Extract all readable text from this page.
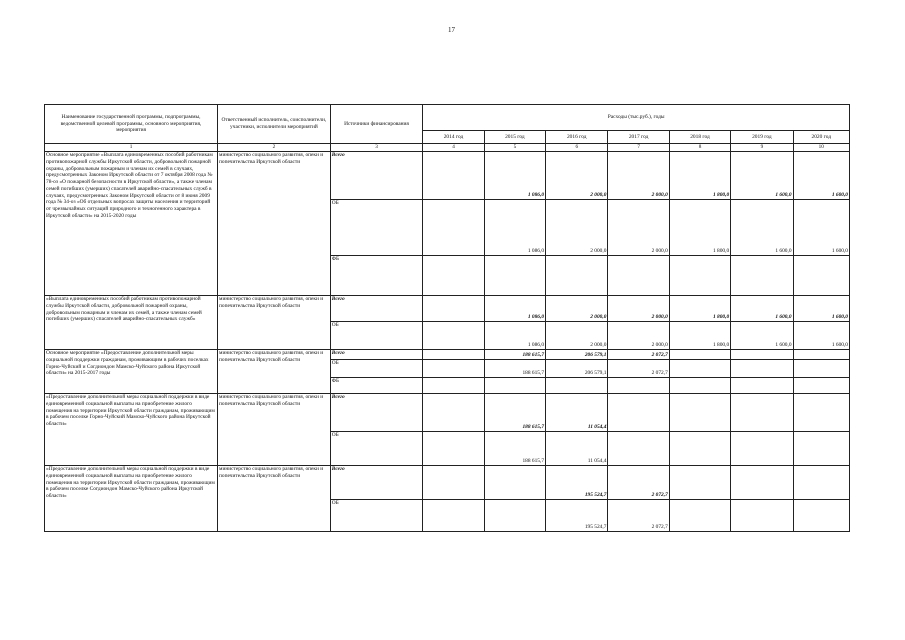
17
Наименование государственной программы, подпрограммы, ведомственной целевой программы, основного мероприятия, мероприятия	Ответственный исполнитель, соисполнители, участники, исполнители мероприятий	Источники финансирования	Расходы (тыс.руб.), годы						
			2014 год	2015 год	2016 год	2017 год	2018 год	2019 год	2020 год
1	2	3	4	5	6	7	8	9	10
Основное мероприятие «Выплата единовременных пособий работникам противопожарной службы Иркутской области, добровольной пожарной охраны, добровольным пожарным и членам их семей в случаях, предусмотренных Законом Иркутской области от 7 октября 2008 года № 78-оз «О пожарной безопасности в Иркутской области», а также членам семей погибших (умерших) спасателей аварийно-спасательных служб в случаях, предусмотренных Законом Иркутской области от 8 июня 2009 года № 34-оз «Об отдельных вопросах защиты населения и территорий от чрезвычайных ситуаций природного и техногенного характера в Иркутской области» на 2015-2020 годы	министерство социального развития, опеки и попечительства Иркутской области	Всего		1 086,0	2 000,0	2 000,0	1 800,0	1 600,0	1 600,0
		ОБ		1 086,0	2 000,0	2 000,0	1 800,0	1 600,0	1 600,0
		ФБ							
«Выплата единовременных пособий работникам противопожарной службы Иркутской области, добровольной пожарной охраны, добровольным пожарным и членам их семей, а также членам семей погибших (умерших) спасателей аварийно-спасательных служб»	министерство социального развития, опеки и попечительства Иркутской области	Всего		1 086,0	2 000,0	2 000,0	1 800,0	1 600,0	1 600,0
		ОБ		1 086,0	2 000,0	2 000,0	1 800,0	1 600,0	1 600,0
Основное мероприятие «Предоставление дополнительной меры социальной поддержки гражданам, проживающим в рабочих поселках Горно-Чуйский и Согдиондон Мамско-Чуйского района Иркутской области» на 2015-2017 годы	министерство социального развития, опеки и попечительства Иркутской области	Всего		188 615,7	206 579,1	2 072,7			
		ОБ		188 615,7	206 579,1	2 072,7			
		ФБ							
«Предоставление дополнительной меры социальной поддержки в виде единовременной социальной выплаты на приобретение жилого помещения на территории Иркутской области гражданам, проживающим в рабочем поселке Горно-Чуйский Мамско-Чуйского района Иркутской области»	министерство социального развития, опеки и попечительства Иркутской области	Всего		188 615,7	11 054,4				
		ОБ		188 615,7	11 054,4				
«Предоставление дополнительной меры социальной поддержки в виде единовременной социальной выплаты на приобретение жилого помещения на территории Иркутской области гражданам, проживающим в рабочем поселке Согдиондон Мамско-Чуйского района Иркутской области»	министерство социального развития, опеки и попечительства Иркутской области	Всего			195 524,7	2 072,7			
		ОБ			195 524,7	2 072,7			
